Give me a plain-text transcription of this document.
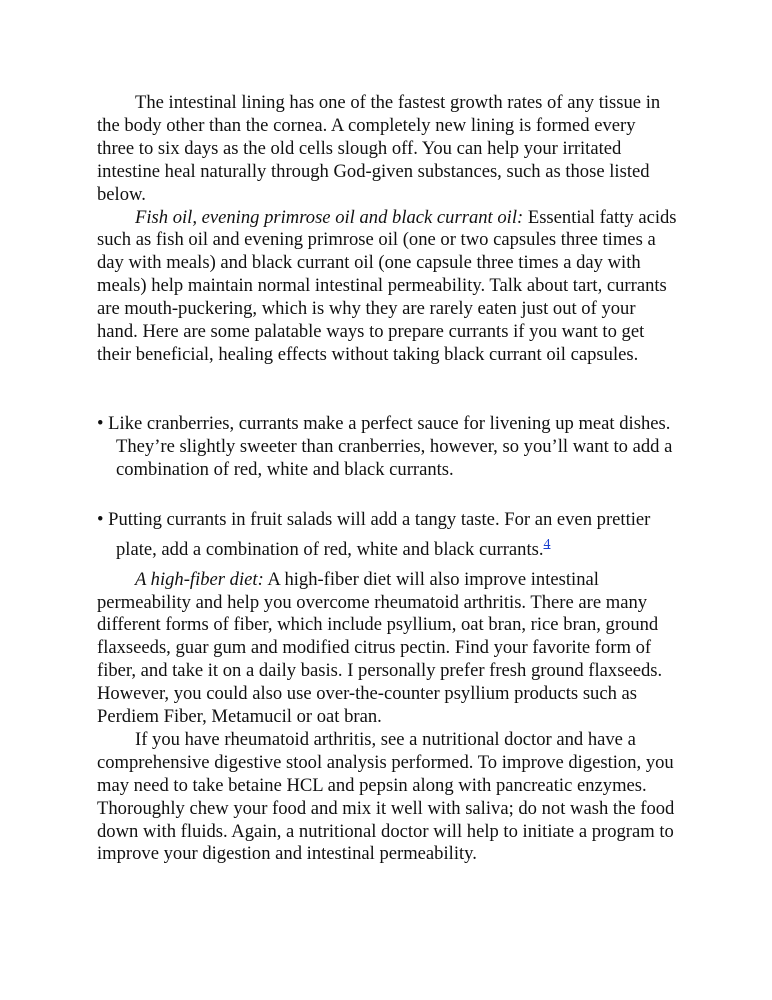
The intestinal lining has one of the fastest growth rates of any tissue in the body other than the cornea. A completely new lining is formed every three to six days as the old cells slough off. You can help your irritated intestine heal naturally through God-given substances, such as those listed below.

Fish oil, evening primrose oil and black currant oil: Essential fatty acids such as fish oil and evening primrose oil (one or two capsules three times a day with meals) and black currant oil (one capsule three times a day with meals) help maintain normal intestinal permeability. Talk about tart, currants are mouth-puckering, which is why they are rarely eaten just out of your hand. Here are some palatable ways to prepare currants if you want to get their beneficial, healing effects without taking black currant oil capsules.

• Like cranberries, currants make a perfect sauce for livening up meat dishes. They’re slightly sweeter than cranberries, however, so you’ll want to add a combination of red, white and black currants.
• Putting currants in fruit salads will add a tangy taste. For an even prettier plate, add a combination of red, white and black currants.$^4$

A high-fiber diet: A high-fiber diet will also improve intestinal permeability and help you overcome rheumatoid arthritis. There are many different forms of fiber, which include psyllium, oat bran, rice bran, ground flaxseeds, guar gum and modified citrus pectin. Find your favorite form of fiber, and take it on a daily basis. I personally prefer fresh ground flaxseeds. However, you could also use over-the-counter psyllium products such as Perdiem Fiber, Metamucil or oat bran.

If you have rheumatoid arthritis, see a nutritional doctor and have a comprehensive digestive stool analysis performed. To improve digestion, you may need to take betaine HCL and pepsin along with pancreatic enzymes. Thoroughly chew your food and mix it well with saliva; do not wash the food down with fluids. Again, a nutritional doctor will help to initiate a program to improve your digestion and intestinal permeability.
